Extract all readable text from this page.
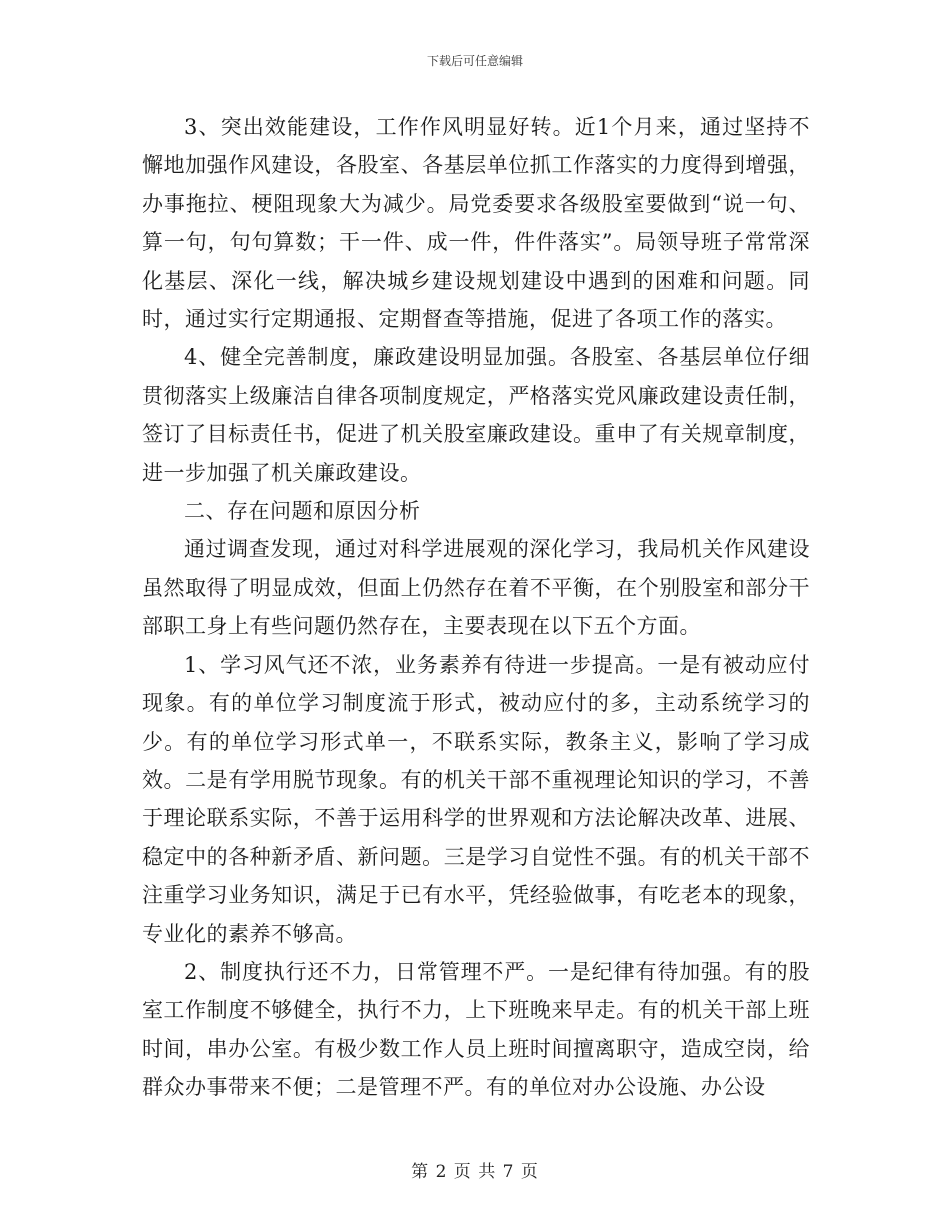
下载后可任意编辑

3、突出效能建设，工作作风明显好转。近1个月来，通过坚持不懈地加强作风建设，各股室、各基层单位抓工作落实的力度得到增强，办事拖拉、梗阻现象大为减少。局党委要求各级股室要做到“说一句、算一句，句句算数；干一件、成一件，件件落实”。局领导班子常常深化基层、深化一线，解决城乡建设规划建设中遇到的困难和问题。同时，通过实行定期通报、定期督查等措施，促进了各项工作的落实。

4、健全完善制度，廉政建设明显加强。各股室、各基层单位仔细贯彻落实上级廉洁自律各项制度规定，严格落实党风廉政建设责任制，签订了目标责任书，促进了机关股室廉政建设。重申了有关规章制度，进一步加强了机关廉政建设。

二、存在问题和原因分析

通过调查发现，通过对科学进展观的深化学习，我局机关作风建设虽然取得了明显成效，但面上仍然存在着不平衡，在个别股室和部分干部职工身上有些问题仍然存在，主要表现在以下五个方面。

1、学习风气还不浓，业务素养有待进一步提高。一是有被动应付现象。有的单位学习制度流于形式，被动应付的多，主动系统学习的少。有的单位学习形式单一，不联系实际，教条主义，影响了学习成效。二是有学用脱节现象。有的机关干部不重视理论知识的学习，不善于理论联系实际，不善于运用科学的世界观和方法论解决改革、进展、稳定中的各种新矛盾、新问题。三是学习自觉性不强。有的机关干部不注重学习业务知识，满足于已有水平，凭经验做事，有吃老本的现象，专业化的素养不够高。

2、制度执行还不力，日常管理不严。一是纪律有待加强。有的股室工作制度不够健全，执行不力，上下班晚来早走。有的机关干部上班时间，串办公室。有极少数工作人员上班时间擅离职守，造成空岗，给群众办事带来不便；二是管理不严。有的单位对办公设施、办公设

第 2 页 共 7 页
